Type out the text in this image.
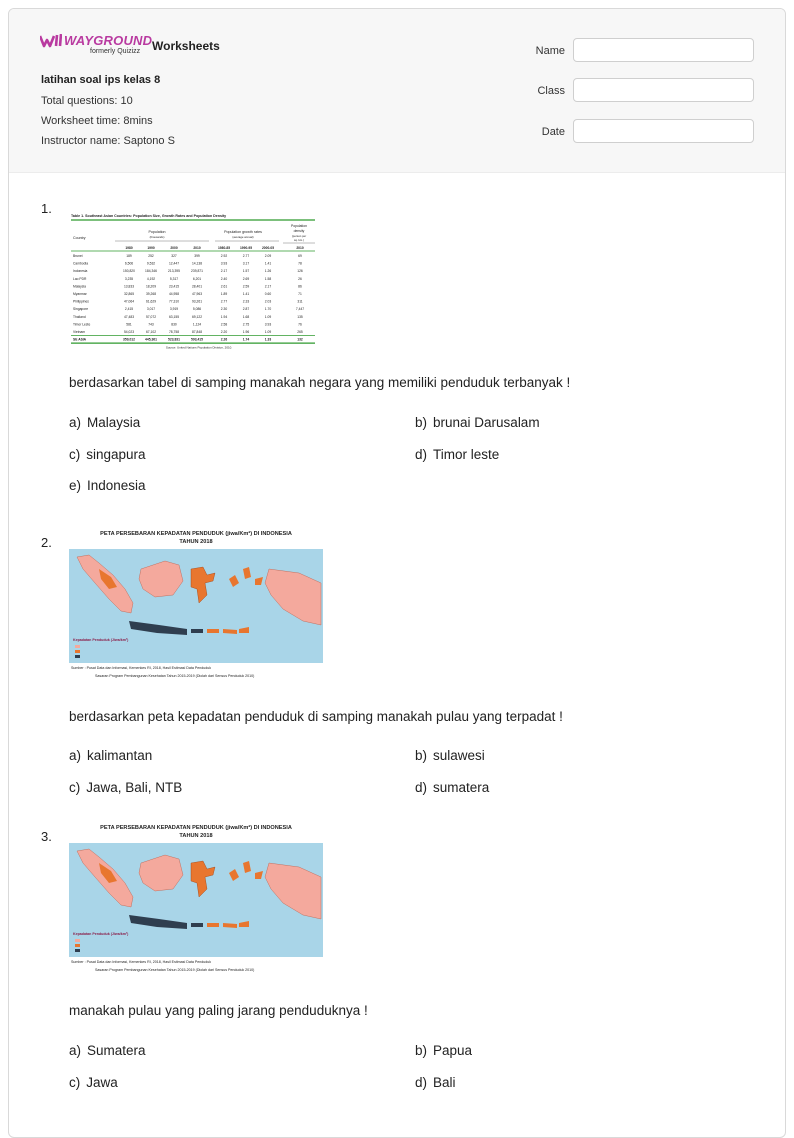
WAYGROUND
formerly Quizizz Worksheets
latihan soal ips kelas 8
Total questions: 10
Worksheet time: 8mins
Instructor name: Saptono S
Name
Class
Date
1.	Table 1. Southeast Asian Countries: Population Size, Growth Rates and Population Density
Country
Population
(thousands)
Population growth rates
(average annual)
Population
density
(person per
sq. km.)
1980	1990	2000	2010	1980-85	1990-95	2000-05	2010
Brunei	189	252	327	399	2.92	2.77	2.09	69
Cambodia	6,506	9,532	12,447	14,138	3.93	3.17	1.41	78
Indonesia	150,820	184,346	213,395	239,871	2.17	1.57	1.26	126
Lao PDR	3,235	4,192	5,317	6,201	2.40	2.69	1.58	26
Malaysia	13,833	18,209	23,415	28,401	2.61	2.59	2.17	86
Myanmar	32,865	39,268	44,958	47,963	1.89	1.41	0.60	71
Philippines	47,064	61,629	77,310	93,261	2.77	2.33	2.03	311
Singapore	2,415	3,017	3,919	5,086	2.30	2.87	1.70	7,447
Thailand	47,483	57,072	63,155	69,122	1.94	1.68	1.09	135
Timor Leste	581	743	830	1,124	2.58	2.75	3.93	76
Vietnam	54,023	67,102	78,758	87,848	2.20	1.96	1.09	265
SE ASIA	359,012	445,361	523,831	593,415	2.26	1.74	1.33	132
Source: United Nations Population Division, 2010.
berdasarkan tabel di samping manakah negara yang memiliki penduduk terbanyak !
a) Malaysia	b) brunai Darusalam
c) singapura	d) Timor leste
e) Indonesia
2.
PETA PERSEBARAN KEPADATAN PENDUDUK (jiwa/Km²) DI INDONESIA
TAHUN 2018
Kepadatan Penduduk (Jiwa/km²)
Sumber : Pusat Data dan Informasi, Kemenkes RI, 2018, Hasil Estimasi Data Penduduk
Sasaran Program Pembangunan Kesehatan Tahun 2015-2019 (Diolah dari Sensus Penduduk 2010)
berdasarkan peta kepadatan penduduk di samping manakah pulau yang terpadat !
a) kalimantan	b) sulawesi
c) Jawa, Bali, NTB	d) sumatera
3.
PETA PERSEBARAN KEPADATAN PENDUDUK (jiwa/Km²) DI INDONESIA
TAHUN 2018
Kepadatan Penduduk (Jiwa/km²)
Sumber : Pusat Data dan Informasi, Kemenkes RI, 2018, Hasil Estimasi Data Penduduk
Sasaran Program Pembangunan Kesehatan Tahun 2015-2019 (Diolah dari Sensus Penduduk 2010)
manakah pulau yang paling jarang penduduknya !
a) Sumatera	b) Papua
c) Jawa	d) Bali
